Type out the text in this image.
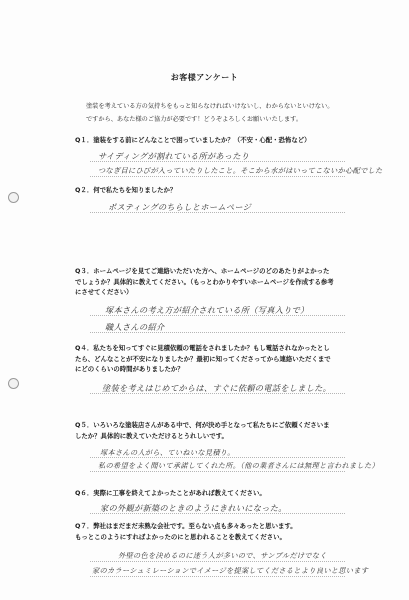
お客様アンケート
塗装を考えている方の気持ちをもっと知らなければいけないし、わからないといけない。
ですから、あなた様のご協力が必要です！どうぞよろしくお願いいたします。
Q１．塗装をする前にどんなことで困っていましたか？（不安・心配・恐怖など）
サイディングが割れている所があったり
つなぎ目にひびが入っていたりしたこと。そこから水がはいってこないか心配でした
Q２．何で私たちを知りましたか？
ポスティングのちらしとホームページ
Q３．ホームページを見てご連絡いただいた方へ、ホームページのどのあたりがよかった
でしょうか？具体的に教えてください。（もっとわかりやすいホームページを作成する参考
にさせてください）
塚本さんの考え方が紹介されている所（写真入りで）
職人さんの紹介
Q４．私たちを知ってすぐに見積依頼の電話をされましたか？もし電話されなかったとし
たら、どんなことが不安になりましたか？最初に知ってくださってから連絡いただくまで
にどのくらいの時間がありましたか？
塗装を考えはじめてからは、すぐに依頼の電話をしました。
Q５．いろいろな塗装店さんがある中で、何が決め手となって私たちにご依頼くださいま
したか？具体的に教えていただけるとうれしいです。
塚本さんの人がら、ていねいな見積り。
私の希望をよく聞いて承諾してくれた所。（他の業者さんには無理と言われました）
Q６．実際に工事を終えてよかったことがあれば教えてください。
家の外観が新築のときのようにきれいになった。
Q７．弊社はまだまだ未熟な会社です。至らない点も多々あったと思います。
もっとこのようにすればよかったのにと思われることを教えてください。
外壁の色を決めるのに迷う人が多いので、サンプルだけでなく
家のカラーシュミレーションでイメージを提案してくださるとより良いと思います
